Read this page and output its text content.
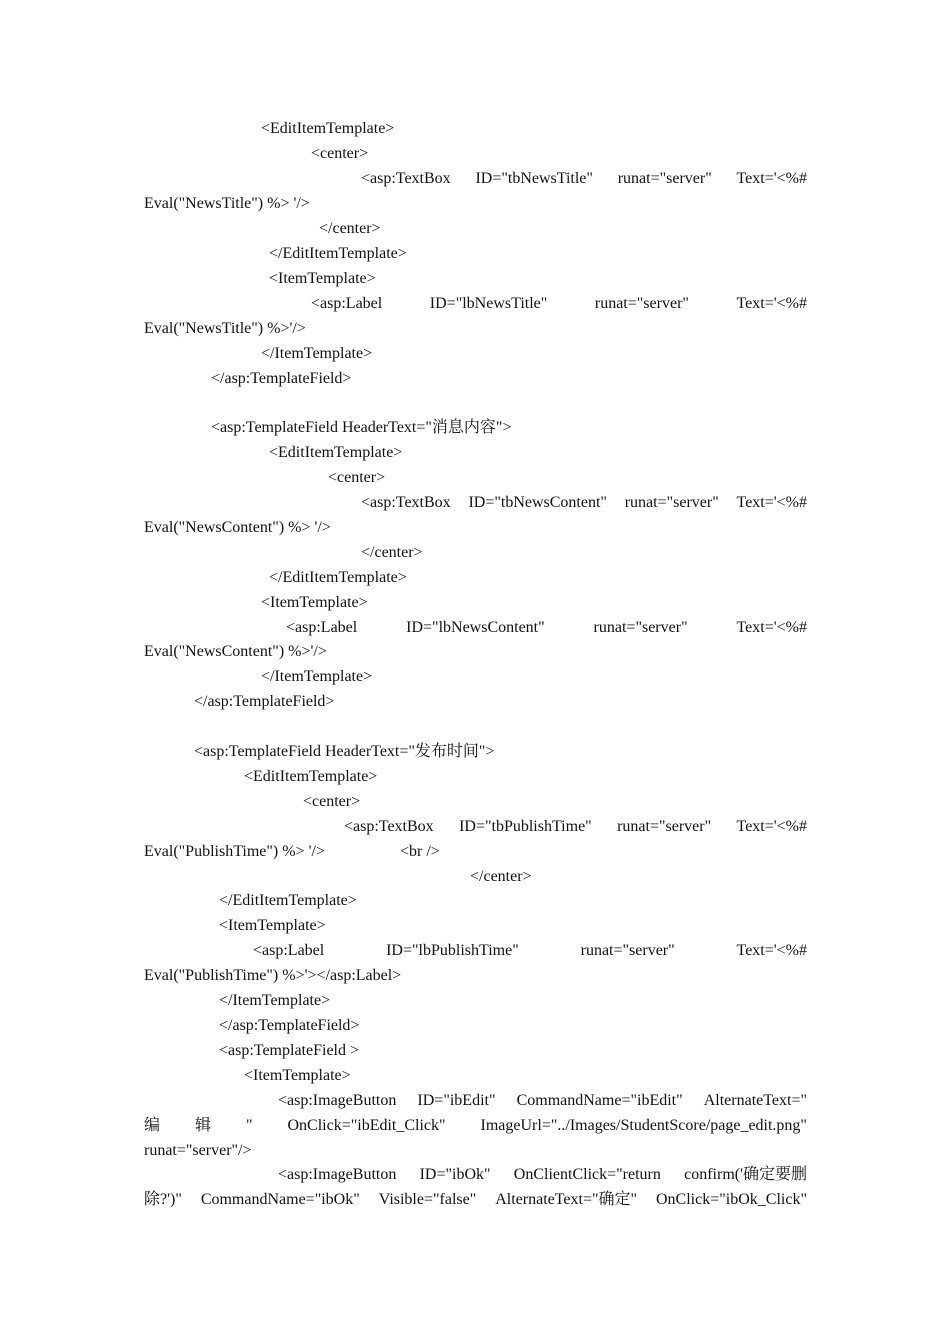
<EditItemTemplate>
<center>
<asp:TextBox ID="tbNewsTitle" runat="server" Text='<%#
Eval("NewsTitle") %> '/>
</center>
</EditItemTemplate>
<ItemTemplate>
<asp:Label	ID="lbNewsTitle"	runat="server"	Text='<%#
Eval("NewsTitle") %>'/>
</ItemTemplate>
</asp:TemplateField>
<asp:TemplateField HeaderText="消息内容">
<EditItemTemplate>
<center>
<asp:TextBox ID="tbNewsContent" runat="server" Text='<%#
Eval("NewsContent") %> '/>
</center>
</EditItemTemplate>
<ItemTemplate>
<asp:Label	ID="lbNewsContent"	runat="server"	Text='<%#
Eval("NewsContent") %>'/>
</ItemTemplate>
</asp:TemplateField>
<asp:TemplateField HeaderText="发布时间">
<EditItemTemplate>
<center>
<asp:TextBox ID="tbPublishTime" runat="server" Text='<%#
Eval("PublishTime") %> '/>	<br />
</center>
</EditItemTemplate>
<ItemTemplate>
<asp:Label	ID="lbPublishTime"	runat="server"	Text='<%#
Eval("PublishTime") %>'></asp:Label>
</ItemTemplate>
</asp:TemplateField>
<asp:TemplateField >
<ItemTemplate>
<asp:ImageButton ID="ibEdit" CommandName="ibEdit" AlternateText="
编 辑 " OnClick="ibEdit_Click" ImageUrl="../Images/StudentScore/page_edit.png"
runat="server"/>
<asp:ImageButton ID="ibOk" OnClientClick="return confirm('确定要删
除?')" CommandName="ibOk" Visible="false" AlternateText="确定" OnClick="ibOk_Click"
